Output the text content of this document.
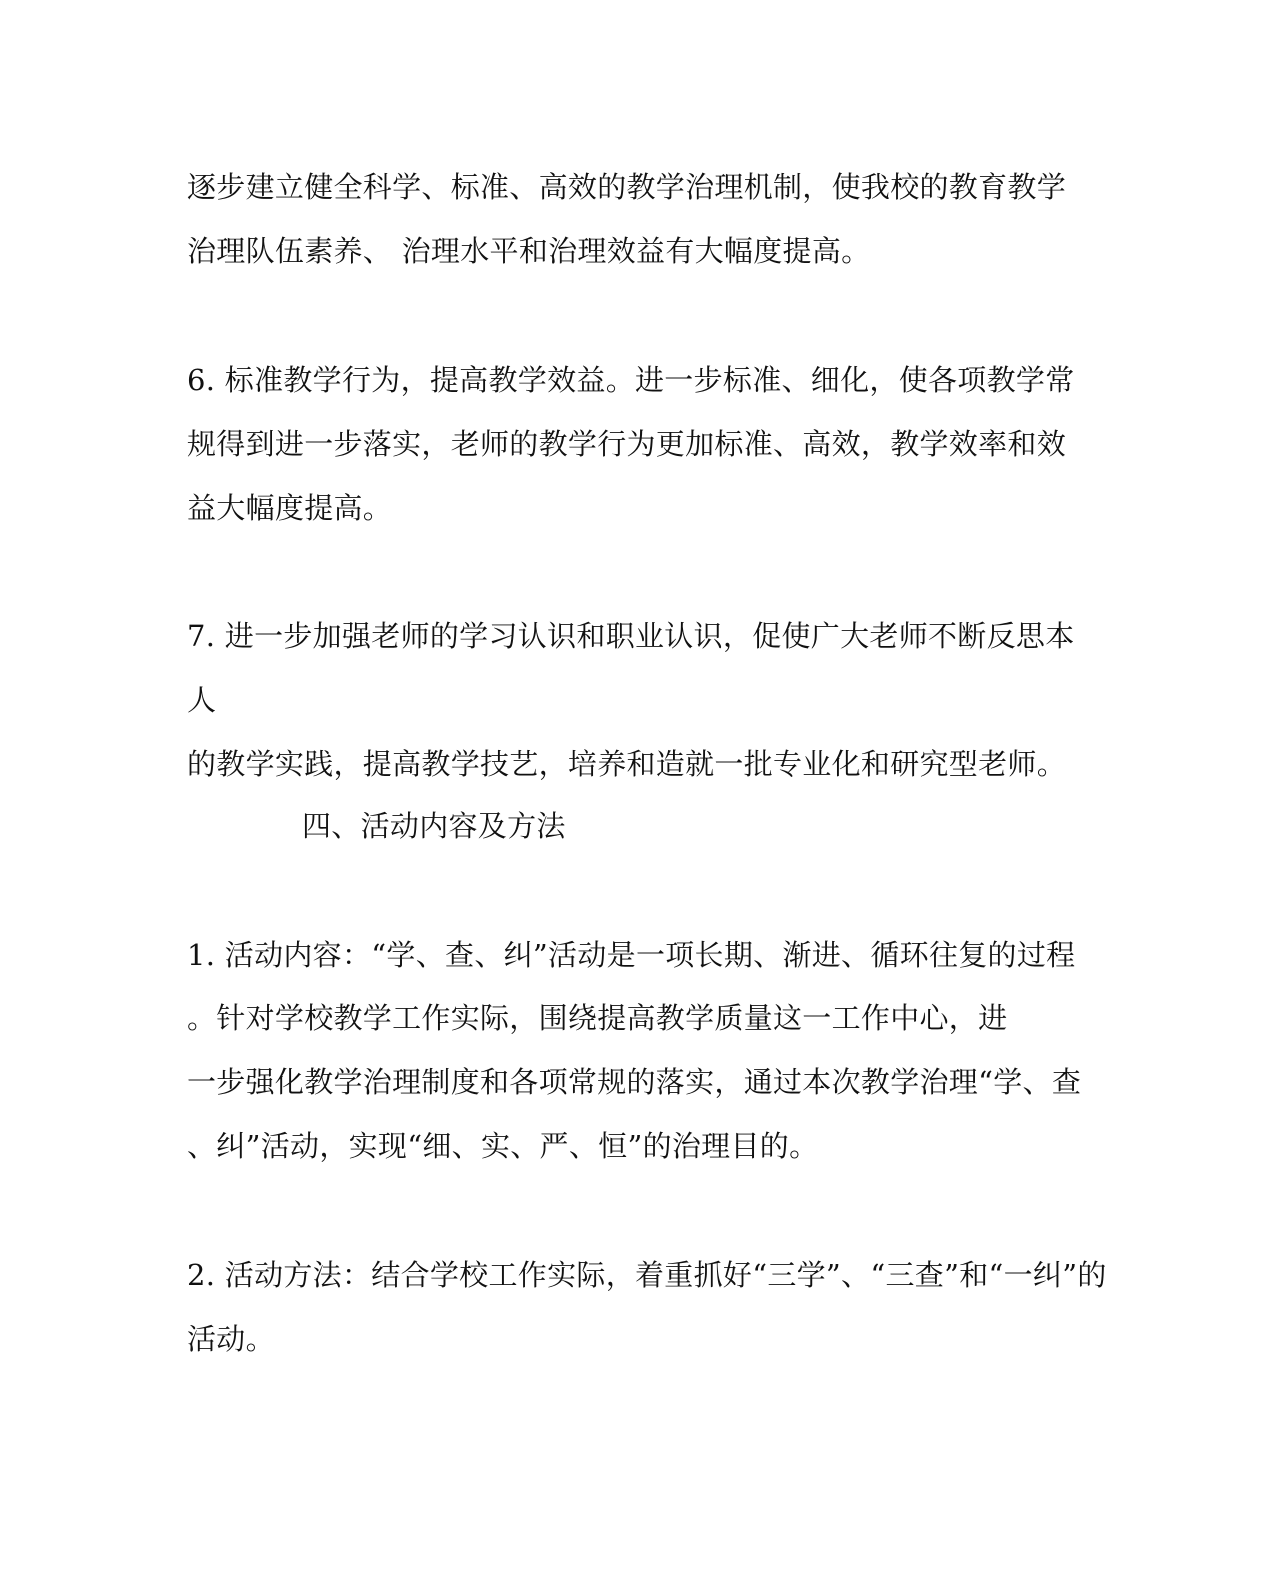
逐步建立健全科学、标准、高效的教学治理机制，使我校的教育教学
治理队伍素养、 治理水平和治理效益有大幅度提高。
6. 标准教学行为，提高教学效益。进一步标准、细化，使各项教学常
规得到进一步落实，老师的教学行为更加标准、高效，教学效率和效
益大幅度提高。
7. 进一步加强老师的学习认识和职业认识，促使广大老师不断反思本
人
的教学实践，提高教学技艺，培养和造就一批专业化和研究型老师。
四、活动内容及方法
1. 活动内容：“学、查、纠”活动是一项长期、渐进、循环往复的过程
。针对学校教学工作实际，围绕提高教学质量这一工作中心，进
一步强化教学治理制度和各项常规的落实，通过本次教学治理“学、查
、纠”活动，实现“细、实、严、恒”的治理目的。
2. 活动方法：结合学校工作实际，着重抓好“三学”、“三查”和“一纠”的
活动。
